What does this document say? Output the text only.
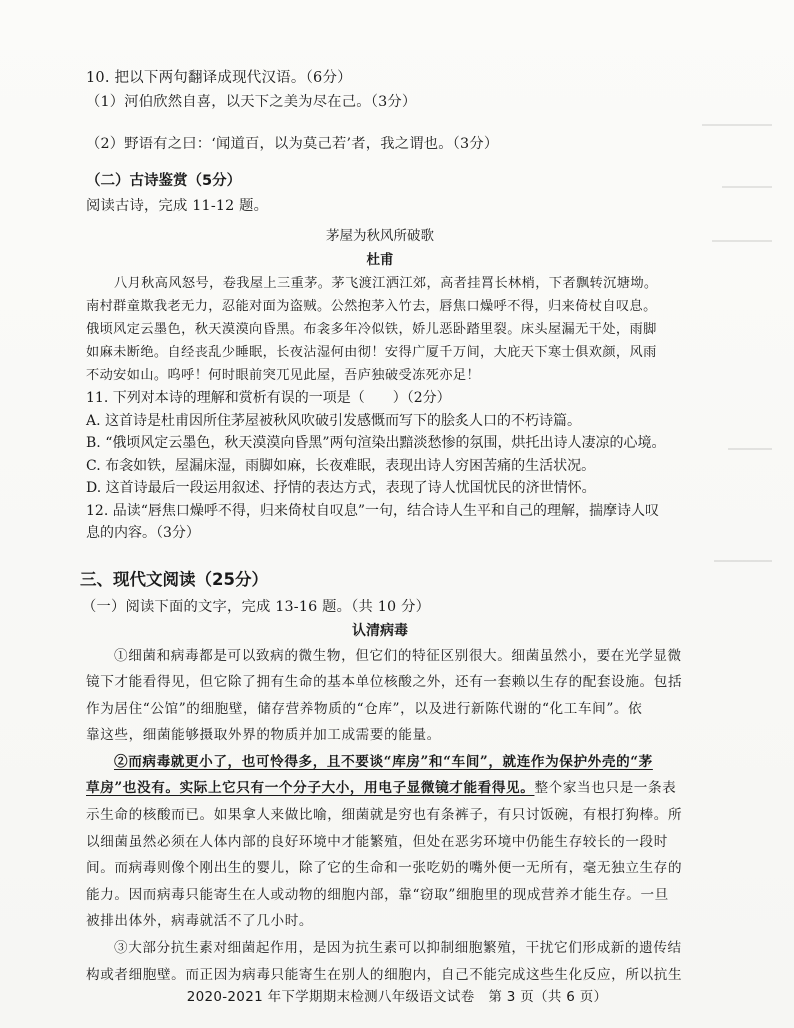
10. 把以下两句翻译成现代汉语。（6分）
（1）河伯欣然自喜，以天下之美为尽在己。（3分）
（2）野语有之曰：‘闻道百，以为莫己若’者，我之谓也。（3分）
（二）古诗鉴赏（5分）
阅读古诗，完成 11-12 题。
茅屋为秋风所破歌
杜甫
八月秋高风怒号，卷我屋上三重茅。茅飞渡江洒江郊，高者挂罥长林梢，下者飘转沉塘坳。
南村群童欺我老无力，忍能对面为盗贼。公然抱茅入竹去，唇焦口燥呼不得，归来倚杖自叹息。
俄顷风定云墨色，秋天漠漠向昏黑。布衾多年冷似铁，娇儿恶卧踏里裂。床头屋漏无干处，雨脚
如麻未断绝。自经丧乱少睡眠，长夜沾湿何由彻！安得广厦千万间，大庇天下寒士俱欢颜，风雨
不动安如山。呜呼！何时眼前突兀见此屋，吾庐独破受冻死亦足！
11. 下列对本诗的理解和赏析有误的一项是（　　）（2分）
A. 这首诗是杜甫因所住茅屋被秋风吹破引发感慨而写下的脍炙人口的不朽诗篇。
B. “俄顷风定云墨色，秋天漠漠向昏黑”两句渲染出黯淡愁惨的氛围，烘托出诗人凄凉的心境。
C. 布衾如铁，屋漏床湿，雨脚如麻，长夜难眠，表现出诗人穷困苦痛的生活状况。
D. 这首诗最后一段运用叙述、抒情的表达方式，表现了诗人忧国忧民的济世情怀。
12. 品读“唇焦口燥呼不得，归来倚杖自叹息”一句，结合诗人生平和自己的理解，揣摩诗人叹
息的内容。（3分）
三、现代文阅读（25分）
（一）阅读下面的文字，完成 13-16 题。（共 10 分）
认清病毒
①细菌和病毒都是可以致病的微生物，但它们的特征区别很大。细菌虽然小，要在光学显微
镜下才能看得见，但它除了拥有生命的基本单位核酸之外，还有一套赖以生存的配套设施。包括
作为居住“公馆”的细胞壁，储存营养物质的“仓库”，以及进行新陈代谢的“化工车间”。依
靠这些，细菌能够摄取外界的物质并加工成需要的能量。
②而病毒就更小了，也可怜得多，且不要谈“库房”和“车间”，就连作为保护外壳的“茅
草房”也没有。实际上它只有一个分子大小，用电子显微镜才能看得见。整个家当也只是一条表
示生命的核酸而已。如果拿人来做比喻，细菌就是穷也有条裤子，有只讨饭碗，有根打狗棒。所
以细菌虽然必须在人体内部的良好环境中才能繁殖，但处在恶劣环境中仍能生存较长的一段时
间。而病毒则像个刚出生的婴儿，除了它的生命和一张吃奶的嘴外便一无所有，毫无独立生存的
能力。因而病毒只能寄生在人或动物的细胞内部，靠“窃取”细胞里的现成营养才能生存。一旦
被排出体外，病毒就活不了几小时。
③大部分抗生素对细菌起作用，是因为抗生素可以抑制细胞繁殖，干扰它们形成新的遗传结
构或者细胞壁。而正因为病毒只能寄生在别人的细胞内，自己不能完成这些生化反应，所以抗生
2020-2021 年下学期期末检测八年级语文试卷　第 3 页（共 6 页）
